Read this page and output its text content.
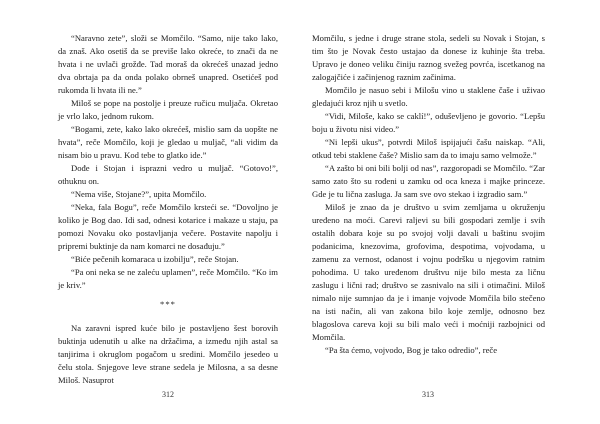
“Naravno zete”, složi se Momčilo. “Samo, nije tako lako, da znaš. Ako osetiš da se previše lako okreće, to znači da ne hvata i ne uvlači grožđe. Tad moraš da okrećeš unazad jedno dva obrtaja pa da onda polako obrneš unapred. Osetićeš pod rukomda li hvata ili ne.”

Miloš se pope na postolje i preuze ručicu muljača. Okretao je vrlo lako, jednom rukom.

“Bogami, zete, kako lako okrećeš, mislio sam da uopšte ne hvata”, reče Momčilo, koji je gledao u muljač, “ali vidim da nisam bio u pravu. Kod tebe to glatko ide.”

Dođe i Stojan i isprazni vedro u muljač. “Gotovo!”, othuknu on.

“Nema više, Stojane?”, upita Momčilo.

“Neka, fala Bogu”, reče Momčilo krsteći se. “Dovoljno je koliko je Bog dao. Idi sad, odnesi kotarice i makaze u staju, pa pomozi Novaku oko postavljanja večere. Postavite napolju i pripremi buktinje da nam komarci ne dosađuju.”

“Biće pečenih komaraca u izobilju”, reče Stojan.

“Pa oni neka se ne zaleću uplamen”, reče Momčilo. “Ko im je kriv.”

***

Na zaravni ispred kuće bilo je postavljeno šest borovih buktinja udenutih u alke na držačima, a između njih astal sa tanjirima i okruglom pogačom u sredini. Momčilo jesedeo u čelu stola. Snjegove leve strane sedela je Milosna, a sa desne Miloš. Nasuprot

312

Momčilu, s jedne i druge strane stola, sedeli su Novak i Stojan, s tim što je Novak često ustajao da donese iz kuhinje šta treba. Upravo je doneo veliku činiju raznog svežeg povrća, iscetkanog na zalogajčiće i začinjenog raznim začinima.

Momčilo je nasuo sebi i Milošu vino u staklene čaše i uživao gledajući kroz njih u svetlo.

“Vidi, Miloše, kako se caklí!”, oduševljeno je govorio. “Lepšu boju u životu nisi video.”

“Ni lepši ukus”, potvrdi Miloš ispijajući čašu naiskap. “Ali, otkud tebi staklene čaše? Mislio sam da to imaju samo velmože.”

“A zašto bi oni bili bolji od nas”, razgoropadi se Momčilo. “Zar samo zato što su rođeni u zamku od oca kneza i majke princeze. Gde je tu lična zasluga. Ja sam sve ovo stekao i izgradio sam.”

Miloš je znao da je društvo u svim zemljama u okruženju uređeno na moći. Carevi raljevi su bili gospodari zemlje i svih ostalih dobara koje su po svojoj volji davali u baštinu svojim podanicima, knezovima, grofovima, despotima, vojvodama, u zamenu za vernost, odanost i vojnu podršku u njegovim ratnim pohodima. U tako uređenom društvu nije bilo mesta za ličnu zaslugu i lični rad; društvo se zasnivalo na sili i otimačini. Miloš nimalo nije sumnjao da je i imanje vojvode Momčila bilo stečeno na isti način, ali van zakona bilo koje zemlje, odnosno bez blagoslova careva koji su bili malo veći i moćniji razbojnici od Momčila.

“Pa šta ćemo, vojvodo, Bog je tako odredio”, reče

313
